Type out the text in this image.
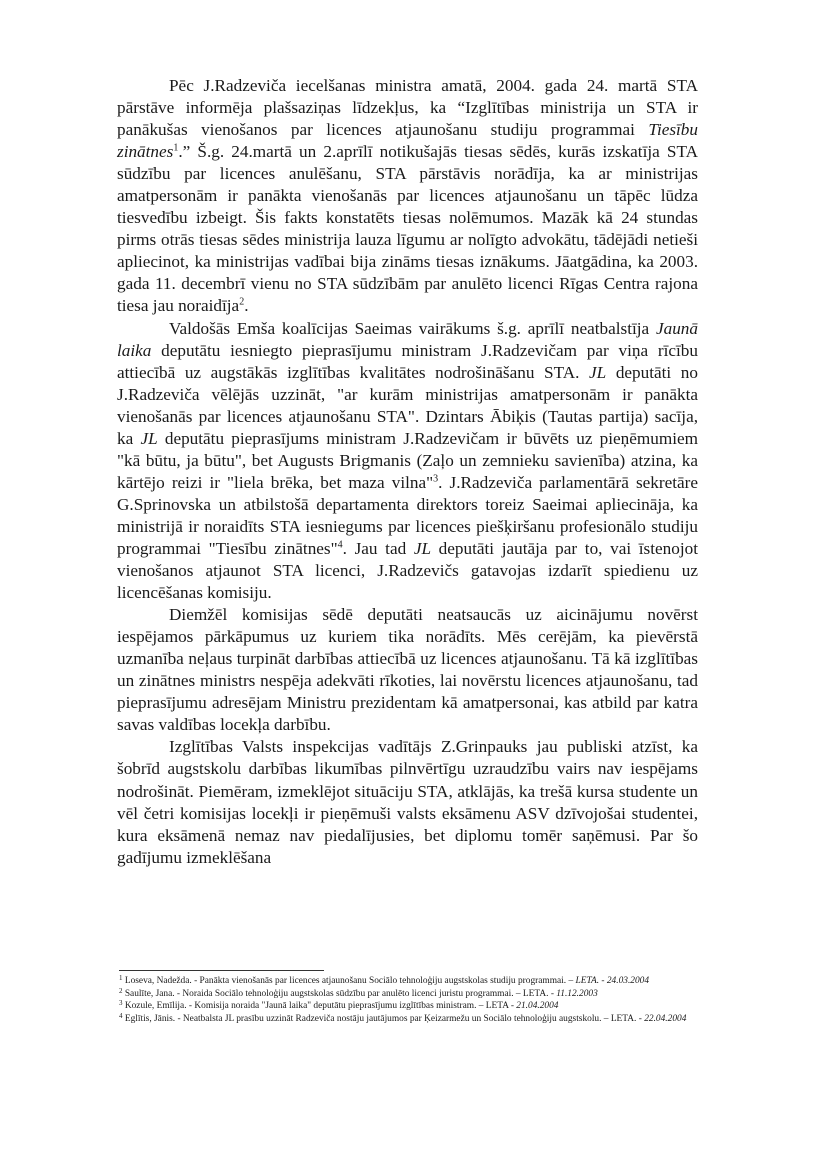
Pēc J.Radzeviča iecelšanas ministra amatā, 2004. gada 24. martā STA pārstāve informēja plašsaziņas līdzekļus, ka “Izglītības ministrija un STA ir panākušas vienošanos par licences atjaunošanu studiju programmai Tiesību zinātnes$^1$.” Š.g. 24.martā un 2.aprīlī notikušajās tiesas sēdēs, kurās izskatīja STA sūdzību par licences anulēšanu, STA pārstāvis norādīja, ka ar ministrijas amatpersonām ir panākta vienošanās par licences atjaunošanu un tāpēc lūdza tiesvedību izbeigt. Šis fakts konstatēts tiesas nolēmumos. Mazāk kā 24 stundas pirms otrās tiesas sēdes ministrija lauza līgumu ar nolīgto advokātu, tādējādi netieši apliecinot, ka ministrijas vadībai bija zināms tiesas iznākums. Jāatgādina, ka 2003. gada 11. decembrī vienu no STA sūdzībām par anulēto licenci Rīgas Centra rajona tiesa jau noraidīja$^2$.

Valdošās Emša koalīcijas Saeimas vairākums š.g. aprīlī neatbalstīja Jaunā laika deputātu iesniegto pieprasījumu ministram J.Radzevičam par viņa rīcību attiecībā uz augstākās izglītības kvalitātes nodrošināšanu STA. JL deputāti no J.Radzeviča vēlējās uzzināt, "ar kurām ministrijas amatpersonām ir panākta vienošanās par licences atjaunošanu STA". Dzintars Ābiķis (Tautas partija) sacīja, ka JL deputātu pieprasījums ministram J.Radzevičam ir būvēts uz pieņēmumiem "kā būtu, ja būtu", bet Augusts Brigmanis (Zaļo un zemnieku savienība) atzina, ka kārtējo reizi ir "liela brēka, bet maza vilna"$^3$. J.Radzeviča parlamentārā sekretāre G.Sprinovska un atbilstošā departamenta direktors toreiz Saeimai apliecināja, ka ministrijā ir noraidīts STA iesniegums par licences piešķiršanu profesionālo studiju programmai "Tiesību zinātnes"$^4$. Jau tad JL deputāti jautāja par to, vai īstenojot vienošanos atjaunot STA licenci, J.Radzevičs gatavojas izdarīt spiedienu uz licencēšanas komisiju.

Diemžēl komisijas sēdē deputāti neatsaucās uz aicinājumu novērst iespējamos pārkāpumus uz kuriem tika norādīts. Mēs cerējām, ka pievērstā uzmanība neļaus turpināt darbības attiecībā uz licences atjaunošanu. Tā kā izglītības un zinātnes ministrs nespēja adekvāti rīkoties, lai novērstu licences atjaunošanu, tad pieprasījumu adresējam Ministru prezidentam kā amatpersonai, kas atbild par katra savas valdības locekļa darbību.

Izglītības Valsts inspekcijas vadītājs Z.Grinpauks jau publiski atzīst, ka šobrīd augstskolu darbības likumības pilnvērtīgu uzraudzību vairs nav iespējams nodrošināt. Piemēram, izmeklējot situāciju STA, atklājās, ka trešā kursa studente un vēl četri komisijas locekļi ir pieņēmuši valsts eksāmenu ASV dzīvojošai studentei, kura eksāmenā nemaz nav piedalījusies, bet diplomu tomēr saņēmusi. Par šo gadījumu izmeklēšana

$^1$ Loseva, Nadežda. - Panākta vienošanās par licences atjaunošanu Sociālo tehnoloģiju augstskolas studiju programmai. – LETA. - 24.03.2004

$^2$ Saulīte, Jana. - Noraida Sociālo tehnoloģiju augstskolas sūdzību par anulēto licenci juristu programmai. – LETA. - 11.12.2003

$^3$ Kozule, Emīlija. - Komisija noraida "Jaunā laika" deputātu pieprasījumu izglītības ministram. – LETA - 21.04.2004

$^4$ Eglītis, Jānis. - Neatbalsta JL prasību uzzināt Radzeviča nostāju jautājumos par Ķeizarmežu un Sociālo tehnoloģiju augstskolu. – LETA. - 22.04.2004
